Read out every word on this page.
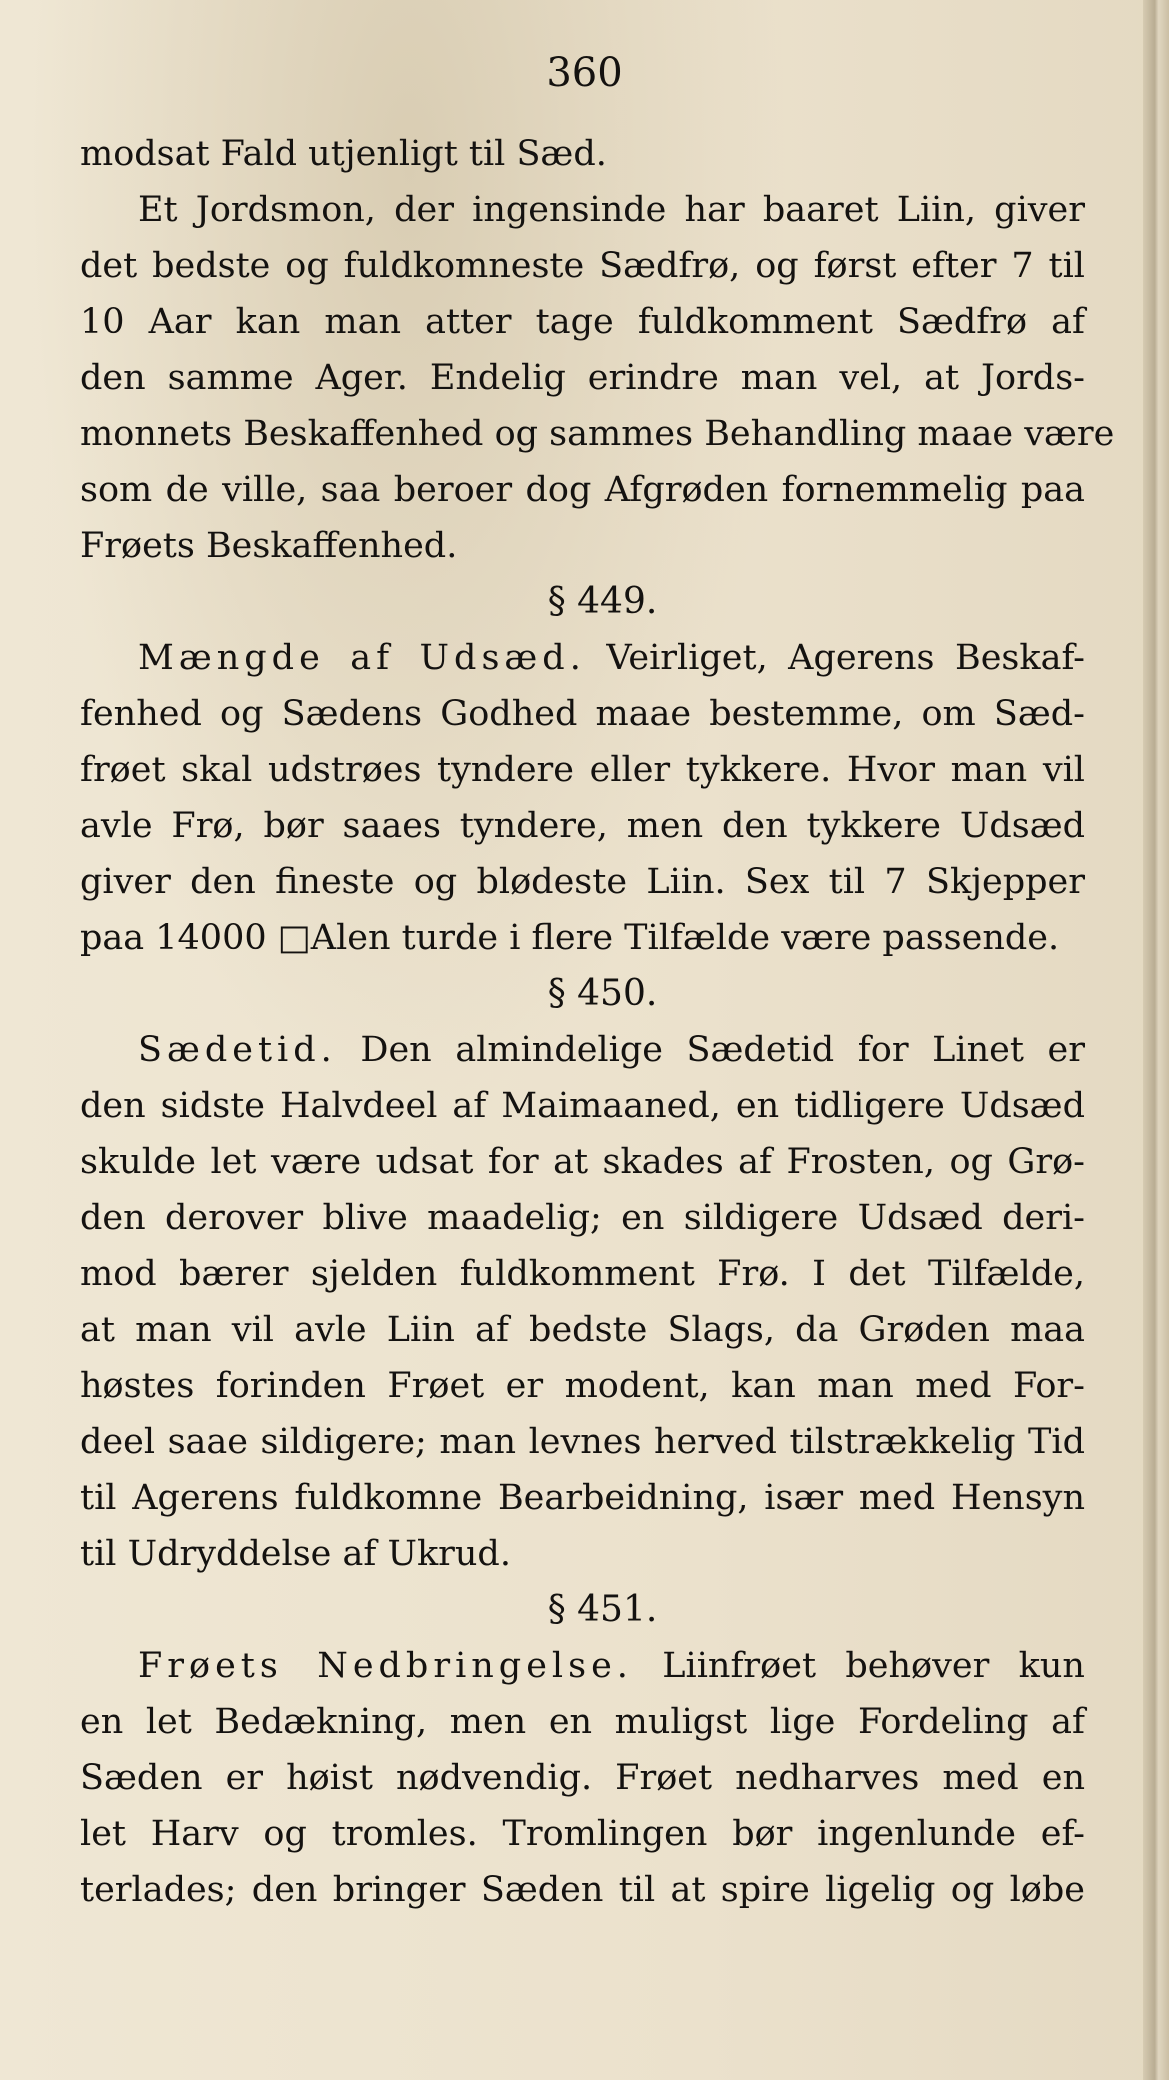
360
modsat Fald utjenligt til Sæd.
Et Jordsmon, der ingensinde har baaret Liin, giver
det bedste og fuldkomneste Sædfrø, og først efter 7 til
10 Aar kan man atter tage fuldkomment Sædfrø af
den samme Ager. Endelig erindre man vel, at Jords-
monnets Beskaffenhed og sammes Behandling maae være
som de ville, saa beroer dog Afgrøden fornemmelig paa
Frøets Beskaffenhed.
§ 449.
Mængde af Udsæd. Veirliget, Agerens Beskaf-
fenhed og Sædens Godhed maae bestemme, om Sæd-
frøet skal udstrøes tyndere eller tykkere. Hvor man vil
avle Frø, bør saaes tyndere, men den tykkere Udsæd
giver den fineste og blødeste Liin. Sex til 7 Skjepper
paa 14000 □Alen turde i flere Tilfælde være passende.
§ 450.
Sædetid. Den almindelige Sædetid for Linet er
den sidste Halvdeel af Maimaaned, en tidligere Udsæd
skulde let være udsat for at skades af Frosten, og Grø-
den derover blive maadelig; en sildigere Udsæd deri-
mod bærer sjelden fuldkomment Frø. I det Tilfælde,
at man vil avle Liin af bedste Slags, da Grøden maa
høstes forinden Frøet er modent, kan man med For-
deel saae sildigere; man levnes herved tilstrækkelig Tid
til Agerens fuldkomne Bearbeidning, især med Hensyn
til Udryddelse af Ukrud.
§ 451.
Frøets Nedbringelse. Liinfrøet behøver kun
en let Bedækning, men en muligst lige Fordeling af
Sæden er høist nødvendig. Frøet nedharves med en
let Harv og tromles. Tromlingen bør ingenlunde ef-
terlades; den bringer Sæden til at spire ligelig og løbe
